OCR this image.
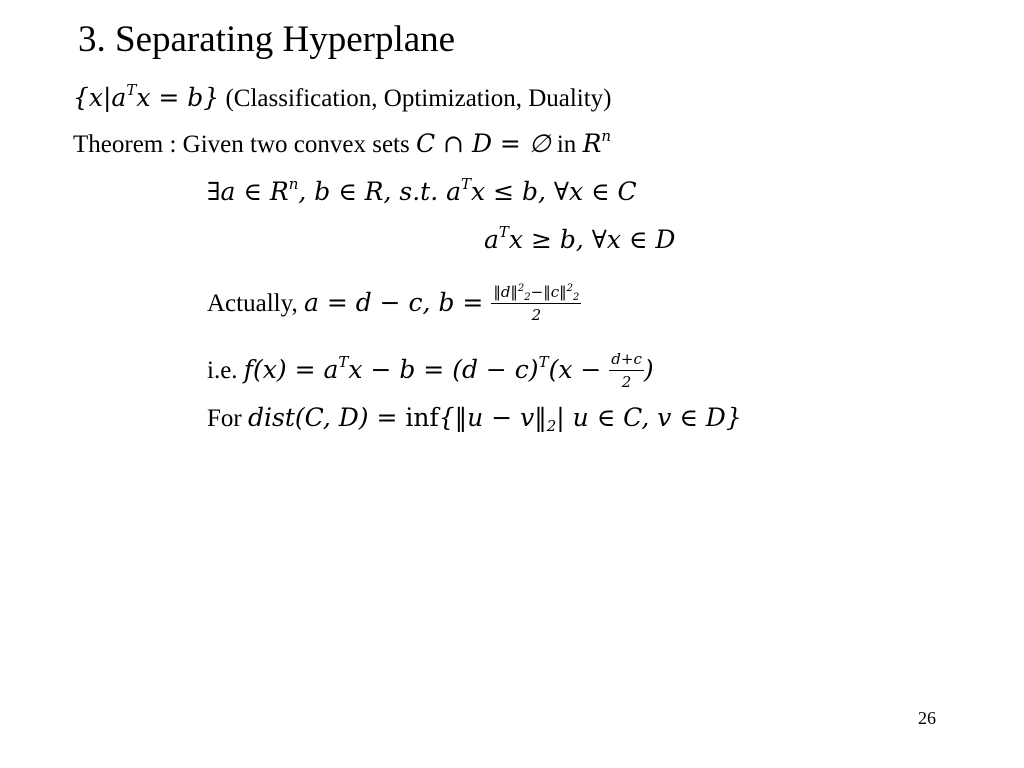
3. Separating Hyperplane
$\{x|a^Tx = b\}$ (Classification, Optimization, Duality)
Theorem : Given two convex sets C ∩ D = ∅ in $R^n$
∃a ∈ $R^n$, b ∈ R, s.t. $a^Tx \le b$, ∀x ∈ C
$a^Tx \ge b$, ∀x ∈ D
Actually, a = d − c, $b = \frac{‖d‖^2_2-‖c‖^2_2}{2}$
i.e. $f(x) = a^Tx - b = (d - c)^T(x - \frac{d+c}{2}$ )
For dist(C, D) = inf{‖u − $v‖_2|$ u ∈ C, v ∈ D}
26
